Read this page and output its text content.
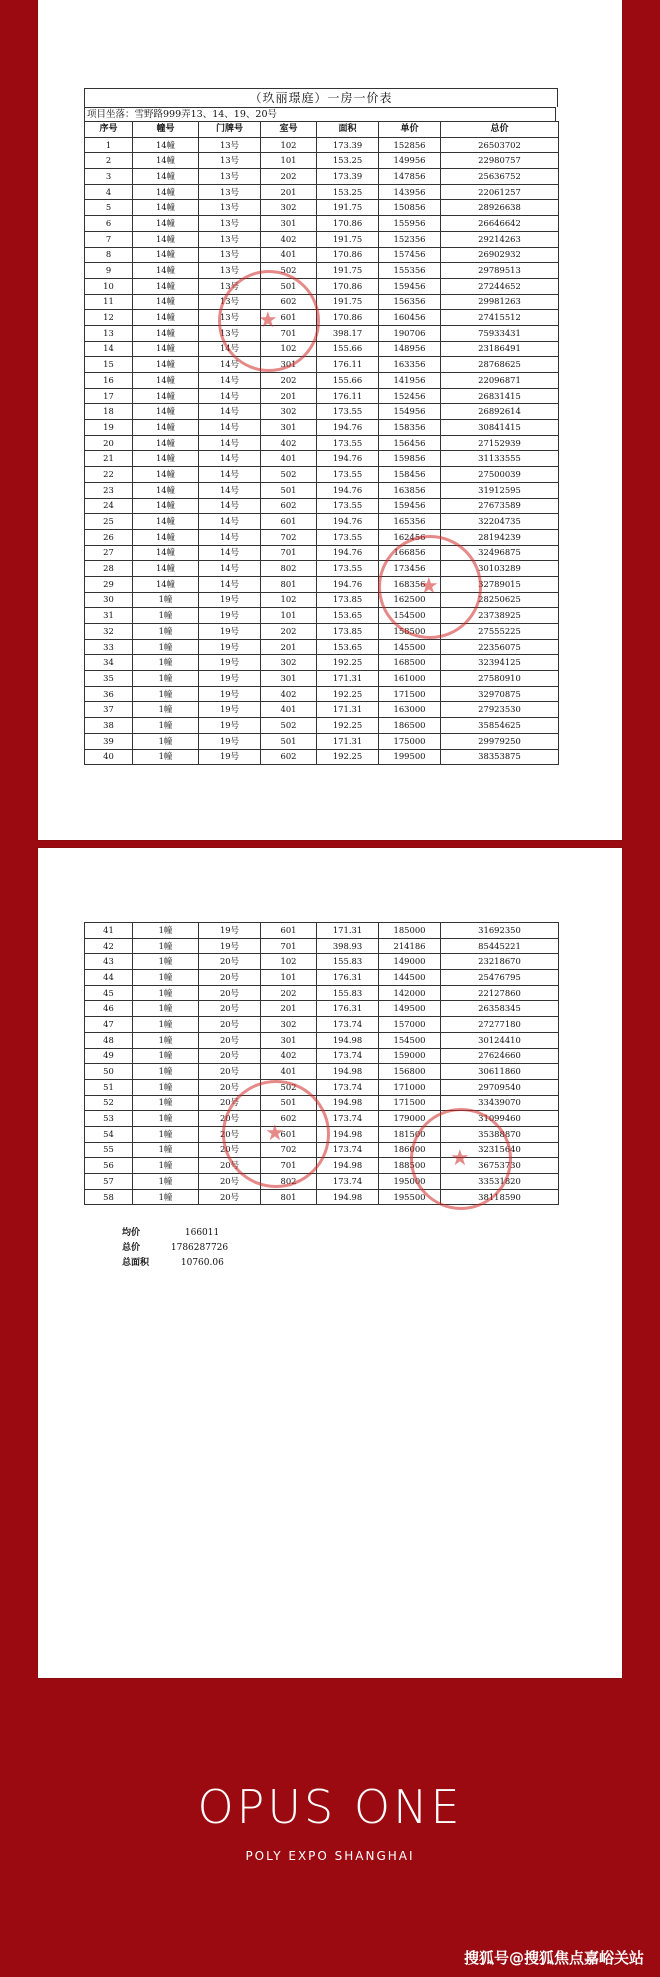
（玖丽璟庭）一房一价表
项目坐落：雪野路999弄13、14、19、20号
序号	幢号	门牌号	室号	面积	单价	总价
1	14幢	13号	102	173.39	152856	26503702
2	14幢	13号	101	153.25	149956	22980757
3	14幢	13号	202	173.39	147856	25636752
4	14幢	13号	201	153.25	143956	22061257
5	14幢	13号	302	191.75	150856	28926638
6	14幢	13号	301	170.86	155956	26646642
7	14幢	13号	402	191.75	152356	29214263
8	14幢	13号	401	170.86	157456	26902932
9	14幢	13号	502	191.75	155356	29789513
10	14幢	13号	501	170.86	159456	27244652
11	14幢	13号	602	191.75	156356	29981263
12	14幢	13号	601	170.86	160456	27415512
13	14幢	13号	701	398.17	190706	75933431
14	14幢	14号	102	155.66	148956	23186491
15	14幢	14号	301	176.11	163356	28768625
16	14幢	14号	202	155.66	141956	22096871
17	14幢	14号	201	176.11	152456	26831415
18	14幢	14号	302	173.55	154956	26892614
19	14幢	14号	301	194.76	158356	30841415
20	14幢	14号	402	173.55	156456	27152939
21	14幢	14号	401	194.76	159856	31133555
22	14幢	14号	502	173.55	158456	27500039
23	14幢	14号	501	194.76	163856	31912595
24	14幢	14号	602	173.55	159456	27673589
25	14幢	14号	601	194.76	165356	32204735
26	14幢	14号	702	173.55	162456	28194239
27	14幢	14号	701	194.76	166856	32496875
28	14幢	14号	802	173.55	173456	30103289
29	14幢	14号	801	194.76	168356	32789015
30	1幢	19号	102	173.85	162500	28250625
31	1幢	19号	101	153.65	154500	23738925
32	1幢	19号	202	173.85	158500	27555225
33	1幢	19号	201	153.65	145500	22356075
34	1幢	19号	302	192.25	168500	32394125
35	1幢	19号	301	171.31	161000	27580910
36	1幢	19号	402	192.25	171500	32970875
37	1幢	19号	401	171.31	163000	27923530
38	1幢	19号	502	192.25	186500	35854625
39	1幢	19号	501	171.31	175000	29979250
40	1幢	19号	602	192.25	199500	38353875
41	1幢	19号	601	171.31	185000	31692350
42	1幢	19号	701	398.93	214186	85445221
43	1幢	20号	102	155.83	149000	23218670
44	1幢	20号	101	176.31	144500	25476795
45	1幢	20号	202	155.83	142000	22127860
46	1幢	20号	201	176.31	149500	26358345
47	1幢	20号	302	173.74	157000	27277180
48	1幢	20号	301	194.98	154500	30124410
49	1幢	20号	402	173.74	159000	27624660
50	1幢	20号	401	194.98	156800	30611860
51	1幢	20号	502	173.74	171000	29709540
52	1幢	20号	501	194.98	171500	33439070
53	1幢	20号	602	173.74	179000	31099460
54	1幢	20号	601	194.98	181500	35388870
55	1幢	20号	702	173.74	186000	32315640
56	1幢	20号	701	194.98	188500	36753730
57	1幢	20号	802	173.74	195000	33531820
58	1幢	20号	801	194.98	195500	38118590
均价	166011
总价	1786287726
总面积	10760.06
★
★
★
★
OPUS ONE
POLY EXPO SHANGHAI
搜狐号@搜狐焦点嘉峪关站
